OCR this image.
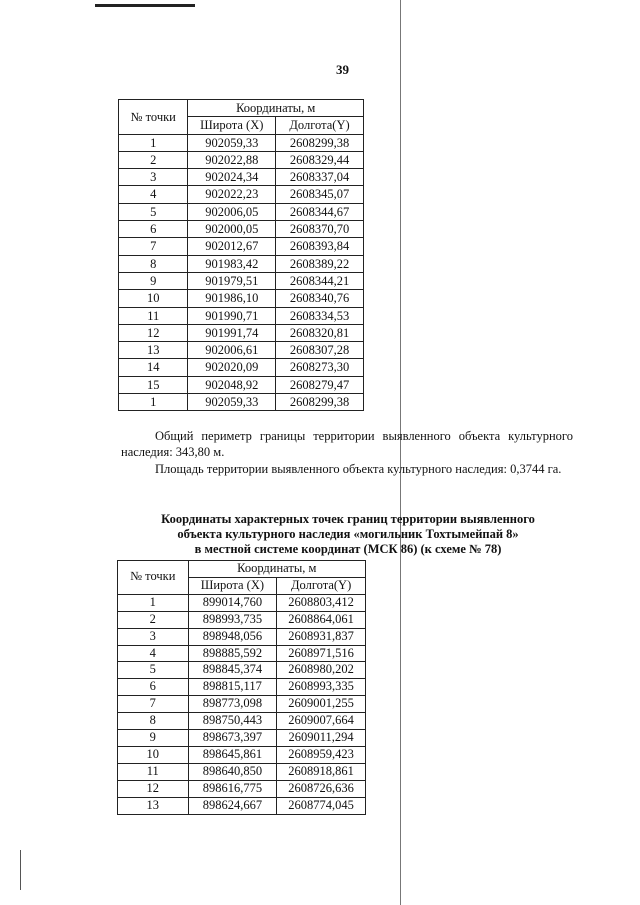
39
№ точки	Координаты, м	
	Широта (X)	Долгота(Y)
1	902059,33	2608299,38
2	902022,88	2608329,44
3	902024,34	2608337,04
4	902022,23	2608345,07
5	902006,05	2608344,67
6	902000,05	2608370,70
7	902012,67	2608393,84
8	901983,42	2608389,22
9	901979,51	2608344,21
10	901986,10	2608340,76
11	901990,71	2608334,53
12	901991,74	2608320,81
13	902006,61	2608307,28
14	902020,09	2608273,30
15	902048,92	2608279,47
1	902059,33	2608299,38
Общий периметр границы территории выявленного объекта культурного наследия: 343,80 м.
Площадь территории выявленного объекта культурного наследия: 0,3744 га.
Координаты характерных точек границ территории выявленного
объекта культурного наследия «могильник Тохтымейпай 8»
в местной системе координат (МСК 86) (к схеме № 78)
№ точки	Координаты, м	
	Широта (X)	Долгота(Y)
1	899014,760	2608803,412
2	898993,735	2608864,061
3	898948,056	2608931,837
4	898885,592	2608971,516
5	898845,374	2608980,202
6	898815,117	2608993,335
7	898773,098	2609001,255
8	898750,443	2609007,664
9	898673,397	2609011,294
10	898645,861	2608959,423
11	898640,850	2608918,861
12	898616,775	2608726,636
13	898624,667	2608774,045
